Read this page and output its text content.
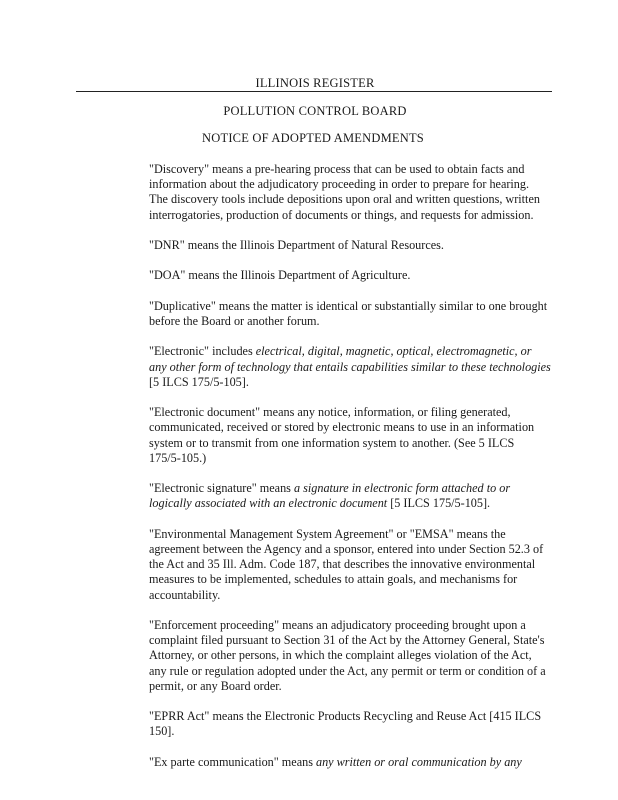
ILLINOIS REGISTER
POLLUTION CONTROL BOARD
NOTICE OF ADOPTED AMENDMENTS

"Discovery" means a pre-hearing process that can be used to obtain facts and
information about the adjudicatory proceeding in order to prepare for hearing.
The discovery tools include depositions upon oral and written questions, written
interrogatories, production of documents or things, and requests for admission.

"DNR" means the Illinois Department of Natural Resources.

"DOA" means the Illinois Department of Agriculture.

"Duplicative" means the matter is identical or substantially similar to one brought
before the Board or another forum.

"Electronic" includes electrical, digital, magnetic, optical, electromagnetic, or
any other form of technology that entails capabilities similar to these technologies
[5 ILCS 175/5-105].

"Electronic document" means any notice, information, or filing generated,
communicated, received or stored by electronic means to use in an information
system or to transmit from one information system to another. (See 5 ILCS
175/5-105.)

"Electronic signature" means a signature in electronic form attached to or
logically associated with an electronic document [5 ILCS 175/5-105].

"Environmental Management System Agreement" or "EMSA" means the
agreement between the Agency and a sponsor, entered into under Section 52.3 of
the Act and 35 Ill. Adm. Code 187, that describes the innovative environmental
measures to be implemented, schedules to attain goals, and mechanisms for
accountability.

"Enforcement proceeding" means an adjudicatory proceeding brought upon a
complaint filed pursuant to Section 31 of the Act by the Attorney General, State's
Attorney, or other persons, in which the complaint alleges violation of the Act,
any rule or regulation adopted under the Act, any permit or term or condition of a
permit, or any Board order.

"EPRR Act" means the Electronic Products Recycling and Reuse Act [415 ILCS
150].

"Ex parte communication" means any written or oral communication by any
